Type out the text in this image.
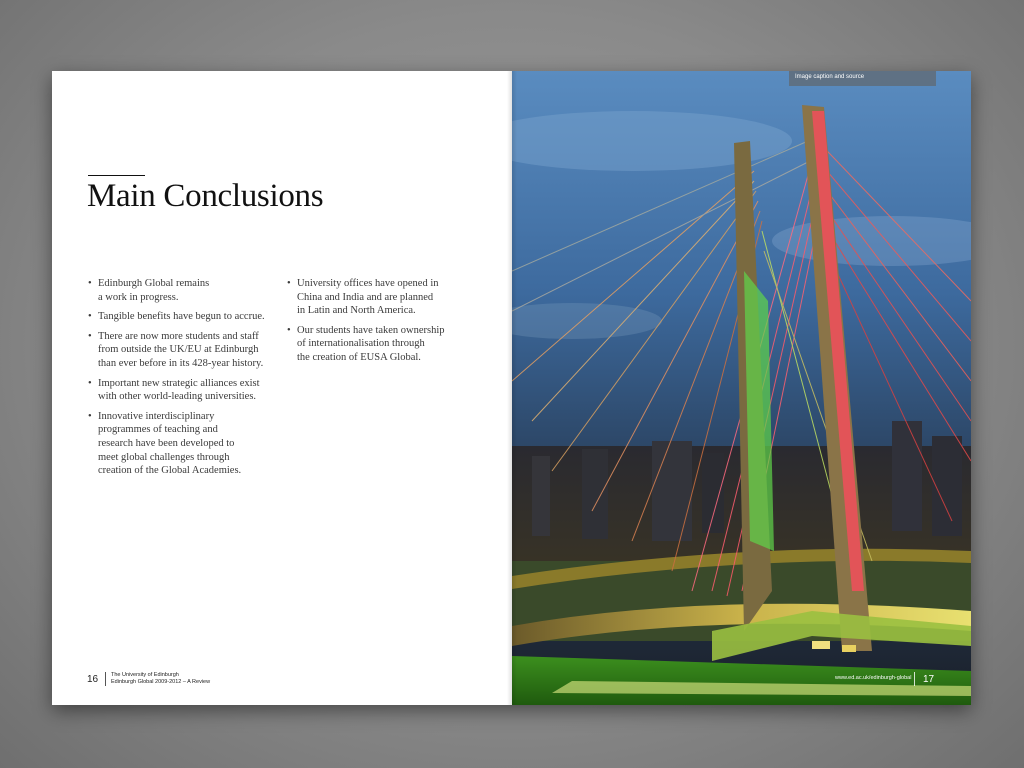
Main Conclusions
• Edinburgh Global remains
a work in progress.
• Tangible benefits have begun to accrue.
• There are now more students and staff
from outside the UK/EU at Edinburgh
than ever before in its 428-year history.
• Important new strategic alliances exist
with other world-leading universities.
• Innovative interdisciplinary
programmes of teaching and
research have been developed to
meet global challenges through
creation of the Global Academies.
• University offices have opened in
China and India and are planned
in Latin and North America.
• Our students have taken ownership
of internationalisation through
the creation of EUSA Global.
16 The University of Edinburgh
Edinburgh Global 2009-2012 – A Review
Image caption and source
www.ed.ac.uk/edinburgh-global 17
